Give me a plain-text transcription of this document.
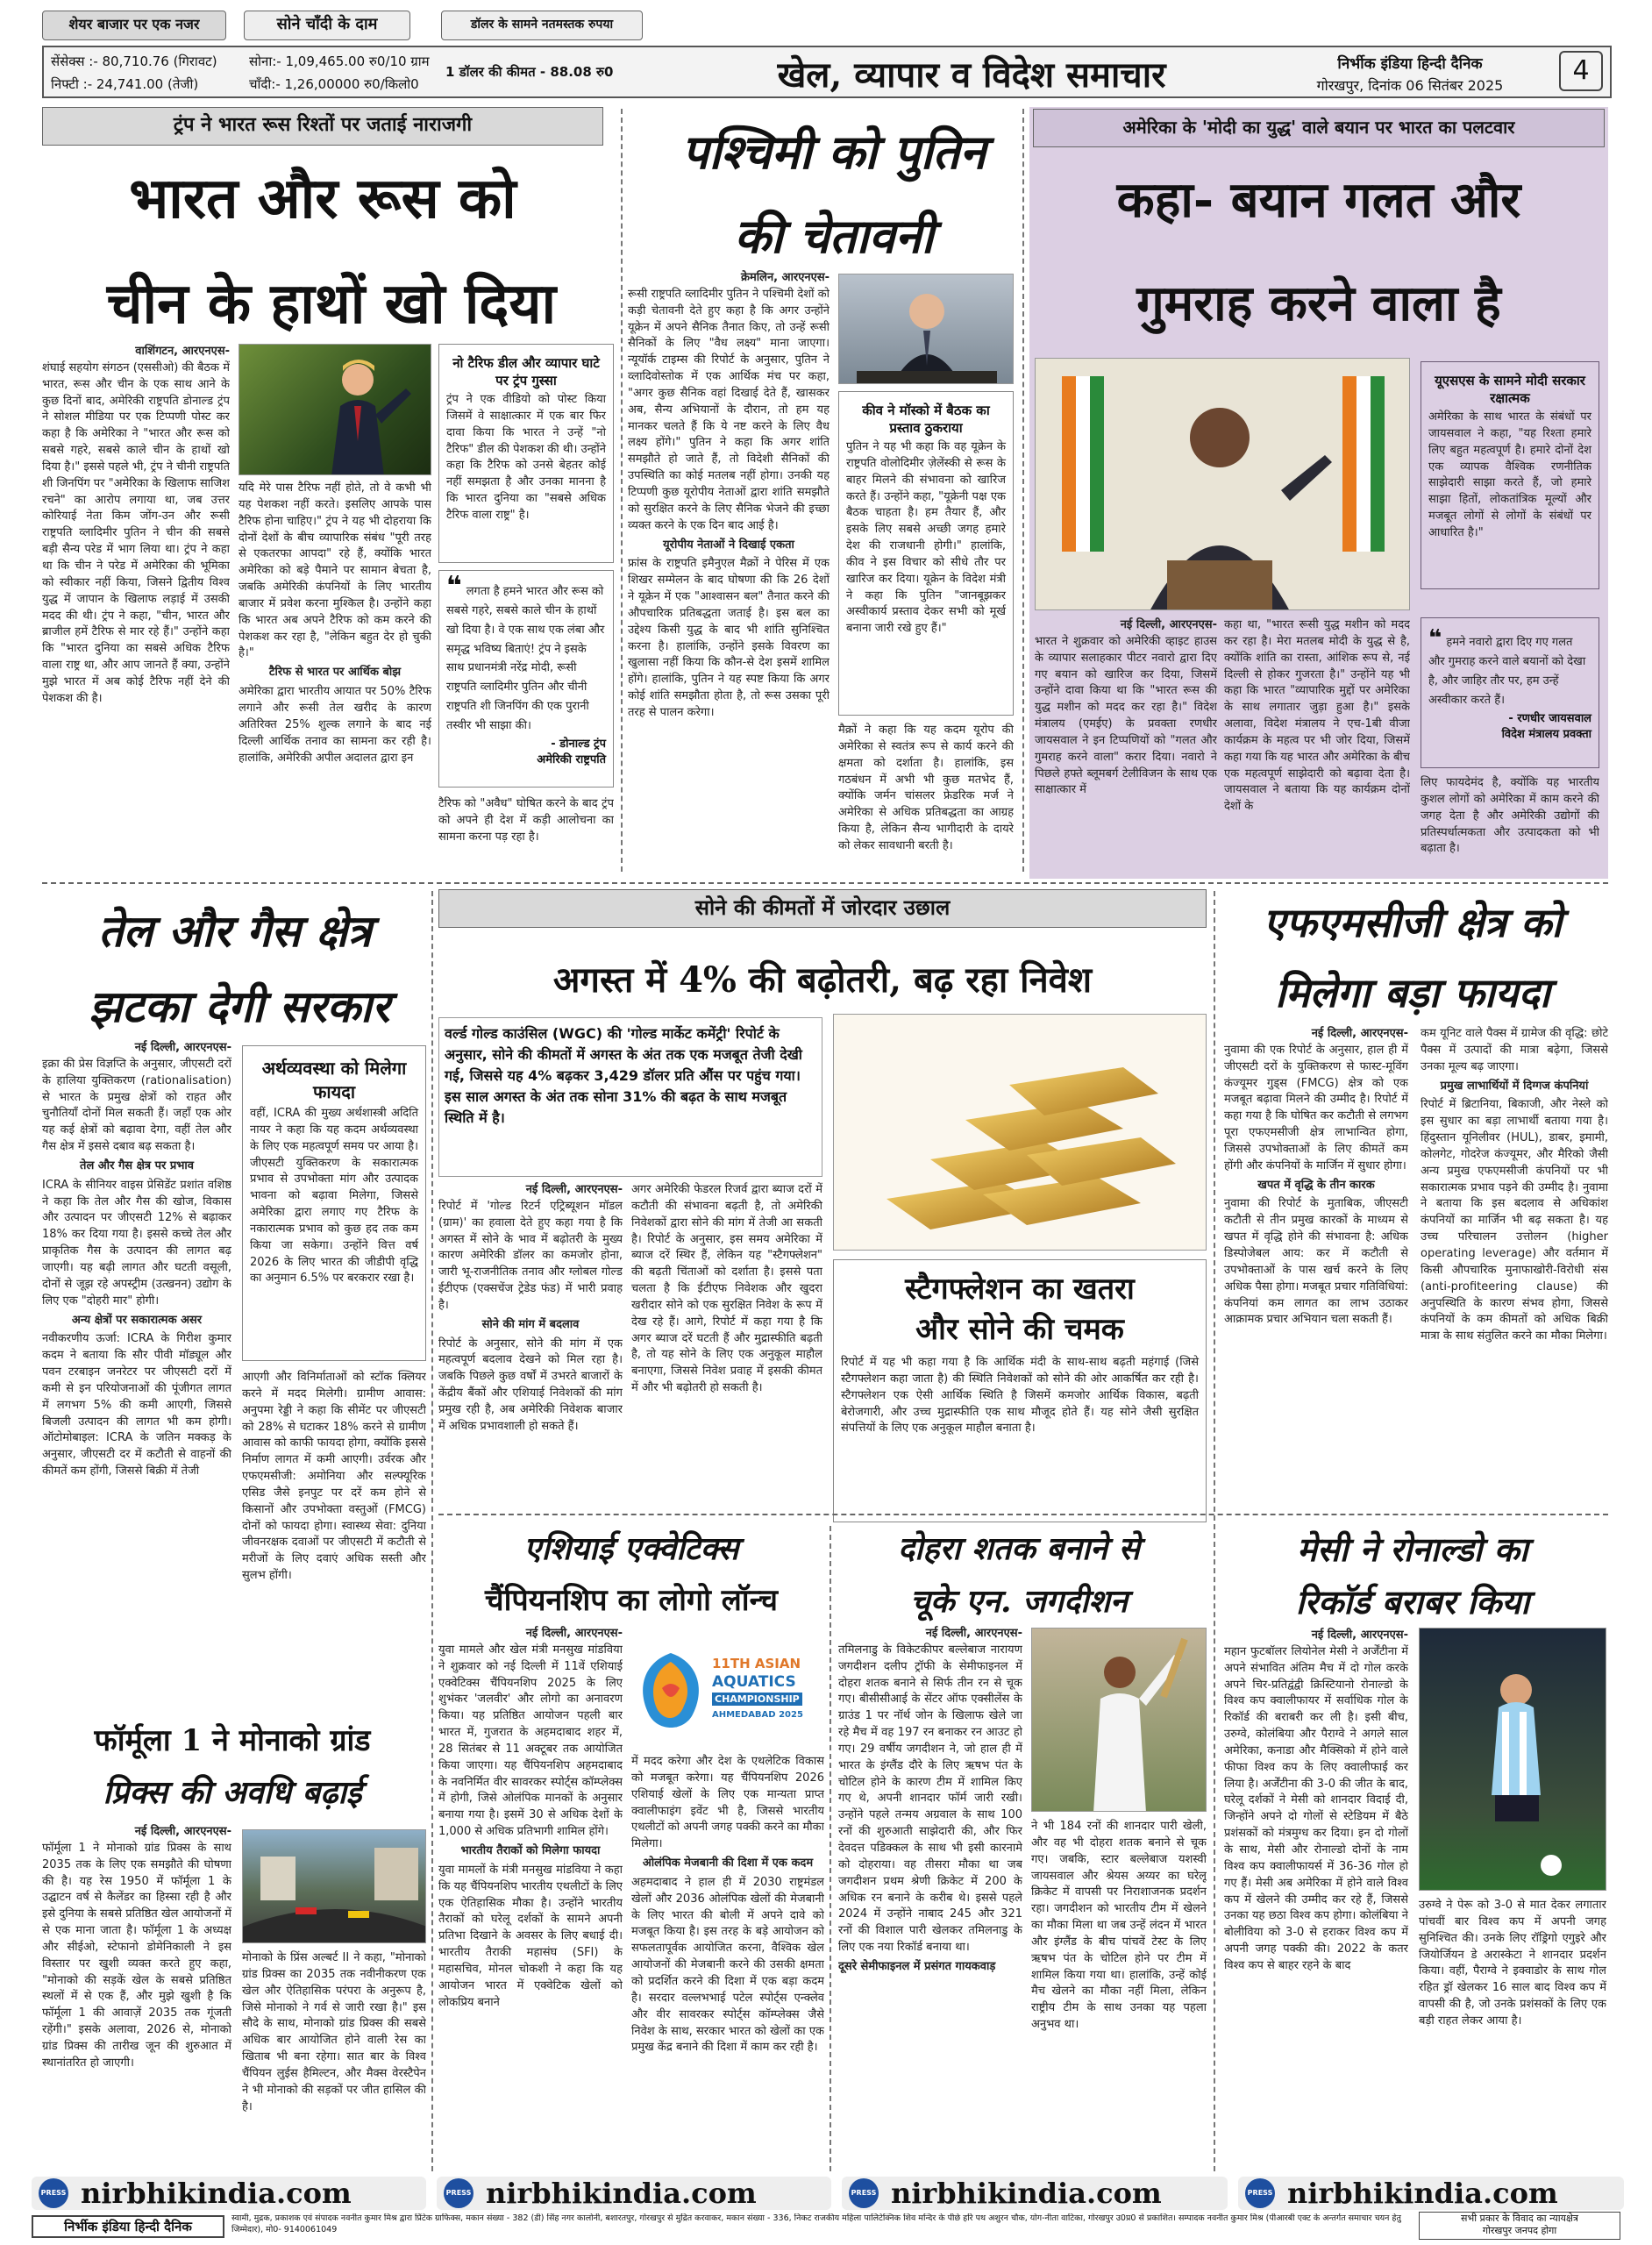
शेयर बाजार पर एक नजर	सोने चाँदी के दाम	डॉलर के सामने नतमस्तक रुपया
सेंसेक्स :- 80,710.76 (गिरावट)
निफ्टी :- 24,741.00 (तेजी)
सोना:- 1,09,465.00 रु0/10 ग्राम
चाँदी:- 1,26,00000 रु0/किलो0
1 डॉलर की कीमत - 88.08 रु0	खेल, व्यापार व विदेश समाचार	निर्भीक इंडिया हिन्दी दैनिक
गोरखपुर, दिनांक 06 सितंबर 2025	4
ट्रंप ने भारत रूस रिश्तों पर जताई नाराजगी
भारत और रूस को
चीन के हाथों खो दिया
वाशिंगटन, आरएनएस-

शंघाई सहयोग संगठन (एससीओ) की बैठक में भारत, रूस और चीन के एक साथ आने के कुछ दिनों बाद, अमेरिकी राष्ट्रपति डोनाल्ड ट्रंप ने सोशल मीडिया पर एक टिप्पणी पोस्ट कर कहा है कि अमेरिका ने "भारत और रूस को सबसे गहरे, सबसे काले चीन के हाथों खो दिया है।" इससे पहले भी, ट्रंप ने चीनी राष्ट्रपति शी जिनपिंग पर "अमेरिका के खिलाफ साजिश रचने" का आरोप लगाया था, जब उत्तर कोरियाई नेता किम जोंग-उन और रूसी राष्ट्रपति व्लादिमीर पुतिन ने चीन की सबसे बड़ी सैन्य परेड में भाग लिया था। ट्रंप ने कहा था कि चीन ने परेड में अमेरिका की भूमिका को स्वीकार नहीं किया, जिसने द्वितीय विश्व युद्ध में जापान के खिलाफ लड़ाई में उसकी मदद की थी। ट्रंप ने कहा, "चीन, भारत और ब्राजील हमें टैरिफ से मार रहे हैं।" उन्होंने कहा कि "भारत दुनिया का सबसे अधिक टैरिफ वाला राष्ट्र था, और आप जानते हैं क्या, उन्होंने मुझे भारत में अब कोई टैरिफ नहीं देने की पेशकश की है।

यदि मेरे पास टैरिफ नहीं होते, तो वे कभी भी यह पेशकश नहीं करते। इसलिए आपके पास टैरिफ होना चाहिए।" ट्रंप ने यह भी दोहराया कि दोनों देशों के बीच व्यापारिक संबंध "पूरी तरह से एकतरफा आपदा" रहे हैं, क्योंकि भारत अमेरिका को बड़े पैमाने पर सामान बेचता है, जबकि अमेरिकी कंपनियों के लिए भारतीय बाजार में प्रवेश करना मुश्किल है। उन्होंने कहा कि भारत अब अपने टैरिफ को कम करने की पेशकश कर रहा है, "लेकिन बहुत देर हो चुकी है।"

टैरिफ से भारत पर आर्थिक बोझ

अमेरिका द्वारा भारतीय आयात पर 50% टैरिफ लगाने और रूसी तेल खरीद के कारण अतिरिक्त 25% शुल्क लगाने के बाद नई दिल्ली आर्थिक तनाव का सामना कर रही है। हालांकि, अमेरिकी अपील अदालत द्वारा इन

नो टैरिफ डील और व्यापार घाटे पर ट्रंप गुस्सा

ट्रंप ने एक वीडियो को पोस्ट किया जिसमें वे साक्षात्कार में एक बार फिर दावा किया कि भारत ने उन्हें "नो टैरिफ" डील की पेशकश की थी। उन्होंने कहा कि टैरिफ को उनसे बेहतर कोई नहीं समझता है और उनका मानना है कि भारत दुनिया का "सबसे अधिक टैरिफ वाला राष्ट्र" है।

❝ लगता है हमने भारत और रूस को सबसे गहरे, सबसे काले चीन के हाथों खो दिया है। वे एक साथ एक लंबा और समृद्ध भविष्य बिताएं! ट्रंप ने इसके साथ प्रधानमंत्री नरेंद्र मोदी, रूसी राष्ट्रपति व्लादिमीर पुतिन और चीनी राष्ट्रपति शी जिनपिंग की एक पुरानी तस्वीर भी साझा की।
- डोनाल्ड ट्रंप
अमेरिकी राष्ट्रपति

टैरिफ को "अवैध" घोषित करने के बाद ट्रंप को अपने ही देश में कड़ी आलोचना का सामना करना पड़ रहा है।

पश्चिमी को पुतिन
की चेतावनी
क्रेमलिन, आरएनएस-

रूसी राष्ट्रपति व्लादिमीर पुतिन ने पश्चिमी देशों को कड़ी चेतावनी देते हुए कहा है कि अगर उन्होंने यूक्रेन में अपने सैनिक तैनात किए, तो उन्हें रूसी सैनिकों के लिए "वैध लक्ष्य" माना जाएगा। न्यूयॉर्क टाइम्स की रिपोर्ट के अनुसार, पुतिन ने व्लादिवोस्तोक में एक आर्थिक मंच पर कहा, "अगर कुछ सैनिक वहां दिखाई देते हैं, खासकर अब, सैन्य अभियानों के दौरान, तो हम यह मानकर चलते हैं कि ये नष्ट करने के लिए वैध लक्ष्य होंगे।" पुतिन ने कहा कि अगर शांति समझौते हो जाते हैं, तो विदेशी सैनिकों की उपस्थिति का कोई मतलब नहीं होगा। उनकी यह टिप्पणी कुछ यूरोपीय नेताओं द्वारा शांति समझौते को सुरक्षित करने के लिए सैनिक भेजने की इच्छा व्यक्त करने के एक दिन बाद आई है।

यूरोपीय नेताओं ने दिखाई एकता

फ्रांस के राष्ट्रपति इमैनुएल मैक्रों ने पेरिस में एक शिखर सम्मेलन के बाद घोषणा की कि 26 देशों ने यूक्रेन में एक "आश्वासन बल" तैनात करने की औपचारिक प्रतिबद्धता जताई है। इस बल का उद्देश्य किसी युद्ध के बाद भी शांति सुनिश्चित करना है। हालांकि, उन्होंने इसके विवरण का खुलासा नहीं किया कि कौन-से देश इसमें शामिल होंगे। हालांकि, पुतिन ने यह स्पष्ट किया कि अगर कोई शांति समझौता होता है, तो रूस उसका पूरी तरह से पालन करेगा।

कीव ने मॉस्को में बैठक का प्रस्ताव ठुकराया

पुतिन ने यह भी कहा कि वह यूक्रेन के राष्ट्रपति वोलोदिमीर ज़ेलेंस्की से रूस के बाहर मिलने की संभावना को खारिज करते हैं। उन्होंने कहा, "यूक्रेनी पक्ष एक बैठक चाहता है। हम तैयार हैं, और इसके लिए सबसे अच्छी जगह हमारे देश की राजधानी होगी।" हालांकि, कीव ने इस विचार को सीधे तौर पर खारिज कर दिया। यूक्रेन के विदेश मंत्री ने कहा कि पुतिन "जानबूझकर अस्वीकार्य प्रस्ताव देकर सभी को मूर्ख बनाना जारी रखे हुए हैं।"

मैक्रों ने कहा कि यह कदम यूरोप की अमेरिका से स्वतंत्र रूप से कार्य करने की क्षमता को दर्शाता है। हालांकि, इस गठबंधन में अभी भी कुछ मतभेद हैं, क्योंकि जर्मन चांसलर फ्रेडरिक मर्ज ने अमेरिका से अधिक प्रतिबद्धता का आग्रह किया है, लेकिन सैन्य भागीदारी के दायरे को लेकर सावधानी बरती है।

अमेरिका के 'मोदी का युद्ध' वाले बयान पर भारत का पलटवार
कहा- बयान गलत और
गुमराह करने वाला है
यूएसएस के सामने मोदी सरकार रक्षात्मक

अमेरिका के साथ भारत के संबंधों पर जायसवाल ने कहा, "यह रिश्ता हमारे लिए बहुत महत्वपूर्ण है। हमारे दोनों देश एक व्यापक वैश्विक रणनीतिक साझेदारी साझा करते हैं, जो हमारे साझा हितों, लोकतांत्रिक मूल्यों और मजबूत लोगों से लोगों के संबंधों पर आधारित है।"

नई दिल्ली, आरएनएस-

भारत ने शुक्रवार को अमेरिकी व्हाइट हाउस के व्यापार सलाहकार पीटर नवारो द्वारा दिए गए बयान को खारिज कर दिया, जिसमें उन्होंने दावा किया था कि "भारत रूस की युद्ध मशीन को मदद कर रहा है।" विदेश मंत्रालय (एमईए) के प्रवक्ता रणधीर जायसवाल ने इन टिप्पणियों को "गलत और गुमराह करने वाला" करार दिया। नवारो ने पिछले हफ्ते ब्लूमबर्ग टेलीविजन के साथ एक साक्षात्कार में

कहा था, "भारत रूसी युद्ध मशीन को मदद कर रहा है। मेरा मतलब मोदी के युद्ध से है, क्योंकि शांति का रास्ता, आंशिक रूप से, नई दिल्ली से होकर गुजरता है।" उन्होंने यह भी कहा कि भारत "व्यापारिक मुद्दों पर अमेरिका के साथ लगातार जुड़ा हुआ है।" इसके अलावा, विदेश मंत्रालय ने एच-1बी वीजा कार्यक्रम के महत्व पर भी जोर दिया, जिसमें कहा गया कि यह भारत और अमेरिका के बीच एक महत्वपूर्ण साझेदारी को बढ़ावा देता है। जायसवाल ने बताया कि यह कार्यक्रम दोनों देशों के

❝ हमने नवारो द्वारा दिए गए गलत और गुमराह करने वाले बयानों को देखा है, और जाहिर तौर पर, हम उन्हें अस्वीकार करते हैं।
- रणधीर जायसवाल
विदेश मंत्रालय प्रवक्ता

लिए फायदेमंद है, क्योंकि यह भारतीय कुशल लोगों को अमेरिका में काम करने की जगह देता है और अमेरिकी उद्योगों की प्रतिस्पर्धात्मकता और उत्पादकता को भी बढ़ाता है।

तेल और गैस क्षेत्र
झटका देगी सरकार
नई दिल्ली, आरएनएस-

इक्रा की प्रेस विज्ञप्ति के अनुसार, जीएसटी दरों के हालिया युक्तिकरण (rationalisation) से भारत के प्रमुख क्षेत्रों को राहत और चुनौतियाँ दोनों मिल सकती हैं। जहाँ एक ओर यह कई क्षेत्रों को बढ़ावा देगा, वहीं तेल और गैस क्षेत्र में इससे दबाव बढ़ सकता है।

तेल और गैस क्षेत्र पर प्रभाव

ICRA के सीनियर वाइस प्रेसिडेंट प्रशांत वशिष्ठ ने कहा कि तेल और गैस की खोज, विकास और उत्पादन पर जीएसटी 12% से बढ़ाकर 18% कर दिया गया है। इससे कच्चे तेल और प्राकृतिक गैस के उत्पादन की लागत बढ़ जाएगी। यह बढ़ी लागत और घटती वसूली, दोनों से जूझ रहे अपस्ट्रीम (उत्खनन) उद्योग के लिए एक "दोहरी मार" होगी।

अन्य क्षेत्रों पर सकारात्मक असर

नवीकरणीय ऊर्जा: ICRA के गिरीश कुमार कदम ने बताया कि सौर पीवी मॉड्यूल और पवन टरबाइन जनरेटर पर जीएसटी दरों में कमी से इन परियोजनाओं की पूंजीगत लागत में लगभग 5% की कमी आएगी, जिससे बिजली उत्पादन की लागत भी कम होगी। ऑटोमोबाइल: ICRA के जतिन मक्कड़ के अनुसार, जीएसटी दर में कटौती से वाहनों की कीमतें कम होंगी, जिससे बिक्री में तेजी

अर्थव्यवस्था को मिलेगा फायदा

वहीं, ICRA की मुख्य अर्थशास्त्री अदिति नायर ने कहा कि यह कदम अर्थव्यवस्था के लिए एक महत्वपूर्ण समय पर आया है। जीएसटी युक्तिकरण के सकारात्मक प्रभाव से उपभोक्ता मांग और उत्पादक भावना को बढ़ावा मिलेगा, जिससे अमेरिका द्वारा लगाए गए टैरिफ के नकारात्मक प्रभाव को कुछ हद तक कम किया जा सकेगा। उन्होंने वित्त वर्ष 2026 के लिए भारत की जीडीपी वृद्धि का अनुमान 6.5% पर बरकरार रखा है।

आएगी और विनिर्माताओं को स्टॉक क्लियर करने में मदद मिलेगी। ग्रामीण आवास: अनुपमा रेड्डी ने कहा कि सीमेंट पर जीएसटी को 28% से घटाकर 18% करने से ग्रामीण आवास को काफी फायदा होगा, क्योंकि इससे निर्माण लागत में कमी आएगी। उर्वरक और एफएमसीजी: अमोनिया और सल्फ्यूरिक एसिड जैसे इनपुट पर दरें कम होने से किसानों और उपभोक्ता वस्तुओं (FMCG) दोनों को फायदा होगा। स्वास्थ्य सेवा: दुनिया जीवनरक्षक दवाओं पर जीएसटी में कटौती से मरीजों के लिए दवाएं अधिक सस्ती और सुलभ होंगी।

सोने की कीमतों में जोरदार उछाल
अगस्त में 4% की बढ़ोतरी, बढ़ रहा निवेश
वर्ल्ड गोल्ड काउंसिल (WGC) की 'गोल्ड मार्केट कमेंट्री' रिपोर्ट के अनुसार, सोने की कीमतों में अगस्त के अंत तक एक मजबूत तेजी देखी गई, जिससे यह 4% बढ़कर 3,429 डॉलर प्रति औंस पर पहुंच गया। इस साल अगस्त के अंत तक सोना 31% की बढ़त के साथ मजबूत स्थिति में है।
नई दिल्ली, आरएनएस-

रिपोर्ट में 'गोल्ड रिटर्न एट्रिब्यूशन मॉडल (ग्राम)' का हवाला देते हुए कहा गया है कि अगस्त में सोने के भाव में बढ़ोतरी के मुख्य कारण अमेरिकी डॉलर का कमजोर होना, जारी भू-राजनीतिक तनाव और ग्लोबल गोल्ड ईटीएफ (एक्सचेंज ट्रेडेड फंड) में भारी प्रवाह है।

सोने की मांग में बदलाव

रिपोर्ट के अनुसार, सोने की मांग में एक महत्वपूर्ण बदलाव देखने को मिल रहा है। जबकि पिछले कुछ वर्षों में उभरते बाजारों के केंद्रीय बैंकों और एशियाई निवेशकों की मांग प्रमुख रही है, अब अमेरिकी निवेशक बाजार में अधिक प्रभावशाली हो सकते हैं।

अगर अमेरिकी फेडरल रिजर्व द्वारा ब्याज दरों में कटौती की संभावना बढ़ती है, तो अमेरिकी निवेशकों द्वारा सोने की मांग में तेजी आ सकती है। रिपोर्ट के अनुसार, इस समय अमेरिका में ब्याज दरें स्थिर हैं, लेकिन यह "स्टैगफ्लेशन" की बढ़ती चिंताओं को दर्शाता है। इससे पता चलता है कि ईटीएफ निवेशक और खुदरा खरीदार सोने को एक सुरक्षित निवेश के रूप में देख रहे हैं। आगे, रिपोर्ट में कहा गया है कि अगर ब्याज दरें घटती हैं और मुद्रास्फीति बढ़ती है, तो यह सोने के लिए एक अनुकूल माहौल बनाएगा, जिससे निवेश प्रवाह में इसकी कीमत में और भी बढ़ोतरी हो सकती है।

स्टैगफ्लेशन का खतरा
और सोने की चमक

रिपोर्ट में यह भी कहा गया है कि आर्थिक मंदी के साथ-साथ बढ़ती महंगाई (जिसे स्टैगफ्लेशन कहा जाता है) की स्थिति निवेशकों को सोने की ओर आकर्षित कर रही है। स्टैगफ्लेशन एक ऐसी आर्थिक स्थिति है जिसमें कमजोर आर्थिक विकास, बढ़ती बेरोजगारी, और उच्च मुद्रास्फीति एक साथ मौजूद होते हैं। यह सोने जैसी सुरक्षित संपत्तियों के लिए एक अनुकूल माहौल बनाता है।

एफएमसीजी क्षेत्र को
मिलेगा बड़ा फायदा
नई दिल्ली, आरएनएस-

नुवामा की एक रिपोर्ट के अनुसार, हाल ही में जीएसटी दरों के युक्तिकरण से फास्ट-मूविंग कंज्यूमर गुड्स (FMCG) क्षेत्र को एक मजबूत बढ़ावा मिलने की उम्मीद है। रिपोर्ट में कहा गया है कि घोषित कर कटौती से लगभग पूरा एफएमसीजी क्षेत्र लाभान्वित होगा, जिससे उपभोक्ताओं के लिए कीमतें कम होंगी और कंपनियों के मार्जिन में सुधार होगा।

खपत में वृद्धि के तीन कारक

नुवामा की रिपोर्ट के मुताबिक, जीएसटी कटौती से तीन प्रमुख कारकों के माध्यम से खपत में वृद्धि होने की संभावना है: अधिक डिस्पोजेबल आय: कर में कटौती से उपभोक्ताओं के पास खर्च करने के लिए अधिक पैसा होगा। मजबूत प्रचार गतिविधियां: कंपनियां कम लागत का लाभ उठाकर आक्रामक प्रचार अभियान चला सकती हैं।

कम यूनिट वाले पैक्स में ग्रामेज की वृद्धि: छोटे पैक्स में उत्पादों की मात्रा बढ़ेगा, जिससे उनका मूल्य बढ़ जाएगा।

प्रमुख लाभार्थियों में दिग्गज कंपनियां

रिपोर्ट में ब्रिटानिया, बिकाजी, और नेस्ले को इस सुधार का बड़ा लाभार्थी बताया गया है। हिंदुस्तान यूनिलीवर (HUL), डाबर, इमामी, कोलगेट, गोदरेज कंज्यूमर, और मैरिको जैसी अन्य प्रमुख एफएमसीजी कंपनियों पर भी सकारात्मक प्रभाव पड़ने की उम्मीद है। नुवामा ने बताया कि इस बदलाव से अधिकांश कंपनियों का मार्जिन भी बढ़ सकता है। यह उच्च परिचालन उत्तोलन (higher operating leverage) और वर्तमान में किसी औपचारिक मुनाफाखोरी-विरोधी संस (anti-profiteering clause) की अनुपस्थिति के कारण संभव होगा, जिससे कंपनियों के कम कीमतों को अधिक बिक्री मात्रा के साथ संतुलित करने का मौका मिलेगा।

एशियाई एक्वेटिक्स
चैंपियनशिप का लोगो लॉन्च
नई दिल्ली, आरएनएस-

युवा मामले और खेल मंत्री मनसुख मांडविया ने शुक्रवार को नई दिल्ली में 11वें एशियाई एक्वेटिक्स चैंपियनशिप 2025 के लिए शुभंकर 'जलवीर' और लोगो का अनावरण किया। यह प्रतिष्ठित आयोजन पहली बार भारत में, गुजरात के अहमदाबाद शहर में, 28 सितंबर से 11 अक्टूबर तक आयोजित किया जाएगा। यह चैंपियनशिप अहमदाबाद के नवनिर्मित वीर सावरकर स्पोर्ट्स कॉम्प्लेक्स में होगी, जिसे ओलंपिक मानकों के अनुसार बनाया गया है। इसमें 30 से अधिक देशों के 1,000 से अधिक प्रतिभागी शामिल होंगे।

भारतीय तैराकों को मिलेगा फायदा

युवा मामलों के मंत्री मनसुख मांडविया ने कहा कि यह चैंपियनशिप भारतीय एथलीटों के लिए एक ऐतिहासिक मौका है। उन्होंने भारतीय तैराकों को घरेलू दर्शकों के सामने अपनी प्रतिभा दिखाने के अवसर के लिए बधाई दी। भारतीय तैराकी महासंघ (SFI) के महासचिव, मोनल चोकशी ने कहा कि यह आयोजन भारत में एक्वेटिक खेलों को लोकप्रिय बनाने

11TH ASIAN
AQUATICS
CHAMPIONSHIP
AHMEDABAD 2025

में मदद करेगा और देश के एथलेटिक विकास को मजबूत करेगा। यह चैंपियनशिप 2026 एशियाई खेलों के लिए एक मान्यता प्राप्त क्वालीफाइंग इवेंट भी है, जिससे भारतीय एथलीटों को अपनी जगह पक्की करने का मौका मिलेगा।

ओलंपिक मेजबानी की दिशा में एक कदम

अहमदाबाद ने हाल ही में 2030 राष्ट्रमंडल खेलों और 2036 ओलंपिक खेलों की मेजबानी के लिए भारत की बोली में अपने दावे को मजबूत किया है। इस तरह के बड़े आयोजन को सफलतापूर्वक आयोजित करना, वैश्विक खेल आयोजनों की मेजबानी करने की उसकी क्षमता को प्रदर्शित करने की दिशा में एक बड़ा कदम है। सरदार वल्लभभाई पटेल स्पोर्ट्स एन्क्लेव और वीर सावरकर स्पोर्ट्स कॉम्प्लेक्स जैसे निवेश के साथ, सरकार भारत को खेलों का एक प्रमुख केंद्र बनाने की दिशा में काम कर रही है।

फॉर्मूला 1 ने मोनाको ग्रांड
प्रिक्स की अवधि बढ़ाई
नई दिल्ली, आरएनएस-

फॉर्मूला 1 ने मोनाको ग्रांड प्रिक्स के साथ 2035 तक के लिए एक समझौते की घोषणा की है। यह रेस 1950 में फॉर्मूला 1 के उद्घाटन वर्ष से कैलेंडर का हिस्सा रही है और इसे दुनिया के सबसे प्रतिष्ठित खेल आयोजनों में से एक माना जाता है। फॉर्मूला 1 के अध्यक्ष और सीईओ, स्टेफानो डोमेनिकाली ने इस विस्तार पर खुशी व्यक्त करते हुए कहा, "मोनाको की सड़कें खेल के सबसे प्रतिष्ठित स्थलों में से एक हैं, और मुझे खुशी है कि फॉर्मूला 1 की आवाज़ें 2035 तक गूंजती रहेंगी।" इसके अलावा, 2026 से, मोनाको ग्रांड प्रिक्स की तारीख जून की शुरुआत में स्थानांतरित हो जाएगी।

मोनाको के प्रिंस अल्बर्ट II ने कहा, "मोनाको ग्रांड प्रिक्स का 2035 तक नवीनीकरण एक खेल और ऐतिहासिक परंपरा के अनुरूप है, जिसे मोनाको ने गर्व से जारी रखा है।" इस सौदे के साथ, मोनाको ग्रांड प्रिक्स की सबसे अधिक बार आयोजित होने वाली रेस का खिताब भी बना रहेगा। सात बार के विश्व चैंपियन लुईस हैमिल्टन, और मैक्स वेरस्टैपेन ने भी मोनाको की सड़कों पर जीत हासिल की है।

दोहरा शतक बनाने से
चूके एन. जगदीशन
नई दिल्ली, आरएनएस-

तमिलनाडु के विकेटकीपर बल्लेबाज नारायण जगदीशन दलीप ट्रॉफी के सेमीफाइनल में दोहरा शतक बनाने से सिर्फ तीन रन से चूक गए। बीसीसीआई के सेंटर ऑफ एक्सीलेंस के ग्राउंड 1 पर नॉर्थ जोन के खिलाफ खेले जा रहे मैच में वह 197 रन बनाकर रन आउट हो गए। 29 वर्षीय जगदीशन ने, जो हाल ही में भारत के इंग्लैंड दौरे के लिए ऋषभ पंत के चोटिल होने के कारण टीम में शामिल किए गए थे, अपनी शानदार फॉर्म जारी रखी। उन्होंने पहले तन्मय अग्रवाल के साथ 100 रनों की शुरुआती साझेदारी की, और फिर देवदत्त पडिक्कल के साथ भी इसी कारनामे को दोहराया। वह तीसरा मौका था जब जगदीशन प्रथम श्रेणी क्रिकेट में 200 के अधिक रन बनाने के करीब थे। इससे पहले 2024 में उन्होंने नाबाद 245 और 321 रनों की विशाल पारी खेलकर तमिलनाडु के लिए एक नया रिकॉर्ड बनाया था।

दूसरे सेमीफाइनल में प्रसंगत गायकवाड़

ने भी 184 रनों की शानदार पारी खेली, और वह भी दोहरा शतक बनाने से चूक गए। जबकि, स्टार बल्लेबाज यशस्वी जायसवाल और श्रेयस अय्यर का घरेलू क्रिकेट में वापसी पर निराशाजनक प्रदर्शन रहा। जगदीशन को भारतीय टीम में खेलने का मौका मिला था जब उन्हें लंदन में भारत और इंग्लैंड के बीच पांचवें टेस्ट के लिए ऋषभ पंत के चोटिल होने पर टीम में शामिल किया गया था। हालांकि, उन्हें कोई मैच खेलने का मौका नहीं मिला, लेकिन राष्ट्रीय टीम के साथ उनका यह पहला अनुभव था।

मेसी ने रोनाल्डो का
रिकॉर्ड बराबर किया
नई दिल्ली, आरएनएस-

महान फुटबॉलर लियोनेल मेसी ने अर्जेंटीना में अपने संभावित अंतिम मैच में दो गोल करके अपने चिर-प्रतिद्वंद्वी क्रिस्टियानो रोनाल्डो के विश्व कप क्वालीफायर में सर्वाधिक गोल के रिकॉर्ड की बराबरी कर ली है। इसी बीच, उरुग्वे, कोलंबिया और पैराग्वे ने अगले साल अमेरिका, कनाडा और मैक्सिको में होने वाले फीफा विश्व कप के लिए क्वालीफाई कर लिया है। अर्जेंटीना की 3-0 की जीत के बाद, घरेलू दर्शकों ने मेसी को शानदार विदाई दी, जिन्होंने अपने दो गोलों से स्टेडियम में बैठे प्रशंसकों को मंत्रमुग्ध कर दिया। इन दो गोलों के साथ, मेसी और रोनाल्डो दोनों के नाम विश्व कप क्वालीफायर्स में 36-36 गोल हो गए हैं। मेसी अब अमेरिका में होने वाले विश्व कप में खेलने की उम्मीद कर रहे हैं, जिससे उनका यह छठा विश्व कप होगा। कोलंबिया ने बोलीविया को 3-0 से हराकर विश्व कप में अपनी जगह पक्की की। 2022 के कतर विश्व कप से बाहर रहने के बाद

उरुग्वे ने पेरू को 3-0 से मात देकर लगातार पांचवीं बार विश्व कप में अपनी जगह सुनिश्चित की। उनके लिए रॉड्रिगो एगुइरे और जियोर्जियन डे अरास्केटा ने शानदार प्रदर्शन किया। वहीं, पैराग्वे ने इक्वाडोर के साथ गोल रहित ड्रॉ खेलकर 16 साल बाद विश्व कप में वापसी की है, जो उनके प्रशंसकों के लिए एक बड़ी राहत लेकर आया है।

PRESS nirbhikindia.com	PRESS nirbhikindia.com	PRESS nirbhikindia.com	PRESS nirbhikindia.com
निर्भीक इंडिया हिन्दी दैनिक
स्वामी, मुद्रक, प्रकाशक एवं संपादक नवनीत कुमार मिश्र द्वारा प्रिंटेक ग्राफिक्स, मकान संख्या - 382 (डी) सिंह नगर कालोनी, बशारतपुर, गोरखपुर से मुद्रित करवाकर, मकान संख्या - 336, निकट राजकीय महिला पालिटेक्निक शिव मन्दिर के पीछे हरि पथ अशुरन चौक, योग-नीता वाटिका, गोरखपुर उ0प्र0 से प्रकाशित। सम्पादक नवनीत कुमार मिश्र (पीआरबी एक्ट के अन्तर्गत समाचार चयन हेतु जिम्मेदार), मो0- 9140061049
सभी प्रकार के विवाद का न्यायक्षेत्र
गोरखपुर जनपद होगा
